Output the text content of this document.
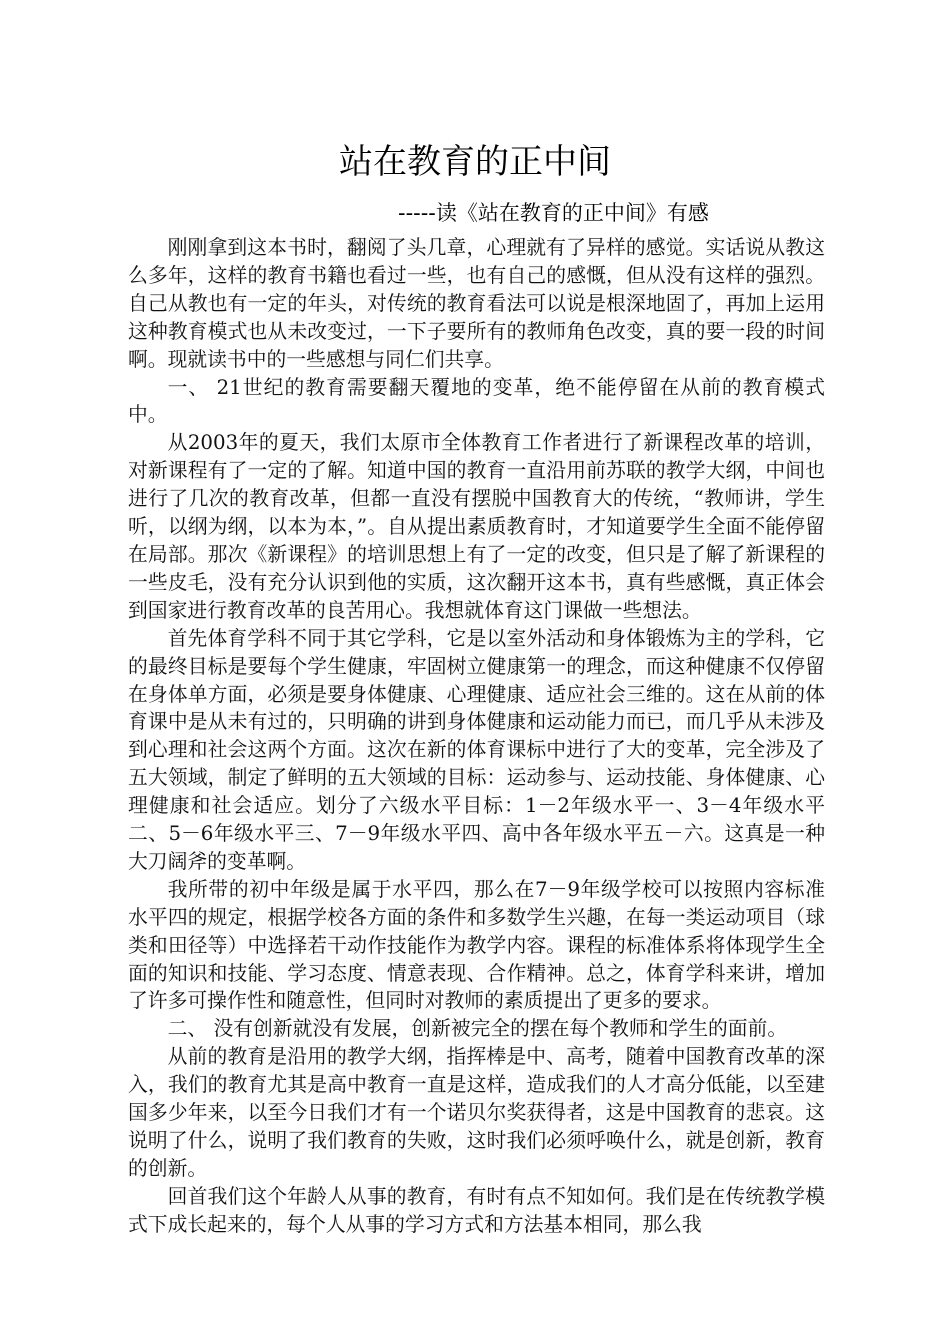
站在教育的正中间
-----读《站在教育的正中间》有感

刚刚拿到这本书时，翻阅了头几章，心理就有了异样的感觉。实话说从教这么多年，这样的教育书籍也看过一些，也有自己的感慨，但从没有这样的强烈。自己从教也有一定的年头，对传统的教育看法可以说是根深地固了，再加上运用这种教育模式也从未改变过，一下子要所有的教师角色改变，真的要一段的时间啊。现就读书中的一些感想与同仁们共享。

一、 21世纪的教育需要翻天覆地的变革，绝不能停留在从前的教育模式中。

从2003年的夏天，我们太原市全体教育工作者进行了新课程改革的培训，对新课程有了一定的了解。知道中国的教育一直沿用前苏联的教学大纲，中间也进行了几次的教育改革，但都一直没有摆脱中国教育大的传统，“教师讲，学生听，以纲为纲，以本为本，”。自从提出素质教育时，才知道要学生全面不能停留在局部。那次《新课程》的培训思想上有了一定的改变，但只是了解了新课程的一些皮毛，没有充分认识到他的实质，这次翻开这本书，真有些感慨，真正体会到国家进行教育改革的良苦用心。我想就体育这门课做一些想法。

首先体育学科不同于其它学科，它是以室外活动和身体锻炼为主的学科，它的最终目标是要每个学生健康，牢固树立健康第一的理念，而这种健康不仅停留在身体单方面，必须是要身体健康、心理健康、适应社会三维的。这在从前的体育课中是从未有过的，只明确的讲到身体健康和运动能力而已，而几乎从未涉及到心理和社会这两个方面。这次在新的体育课标中进行了大的变革，完全涉及了五大领域，制定了鲜明的五大领域的目标：运动参与、运动技能、身体健康、心理健康和社会适应。划分了六级水平目标：1－2年级水平一、3－4年级水平二、5－6年级水平三、7－9年级水平四、高中各年级水平五－六。这真是一种大刀阔斧的变革啊。

我所带的初中年级是属于水平四，那么在7－9年级学校可以按照内容标准水平四的规定，根据学校各方面的条件和多数学生兴趣，在每一类运动项目（球类和田径等）中选择若干动作技能作为教学内容。课程的标准体系将体现学生全面的知识和技能、学习态度、情意表现、合作精神。总之，体育学科来讲，增加了许多可操作性和随意性，但同时对教师的素质提出了更多的要求。

二、 没有创新就没有发展，创新被完全的摆在每个教师和学生的面前。

从前的教育是沿用的教学大纲，指挥棒是中、高考，随着中国教育改革的深入，我们的教育尤其是高中教育一直是这样，造成我们的人才高分低能，以至建国多少年来，以至今日我们才有一个诺贝尔奖获得者，这是中国教育的悲哀。这说明了什么，说明了我们教育的失败，这时我们必须呼唤什么，就是创新，教育的创新。

回首我们这个年龄人从事的教育，有时有点不知如何。我们是在传统教学模式下成长起来的，每个人从事的学习方式和方法基本相同，那么我
